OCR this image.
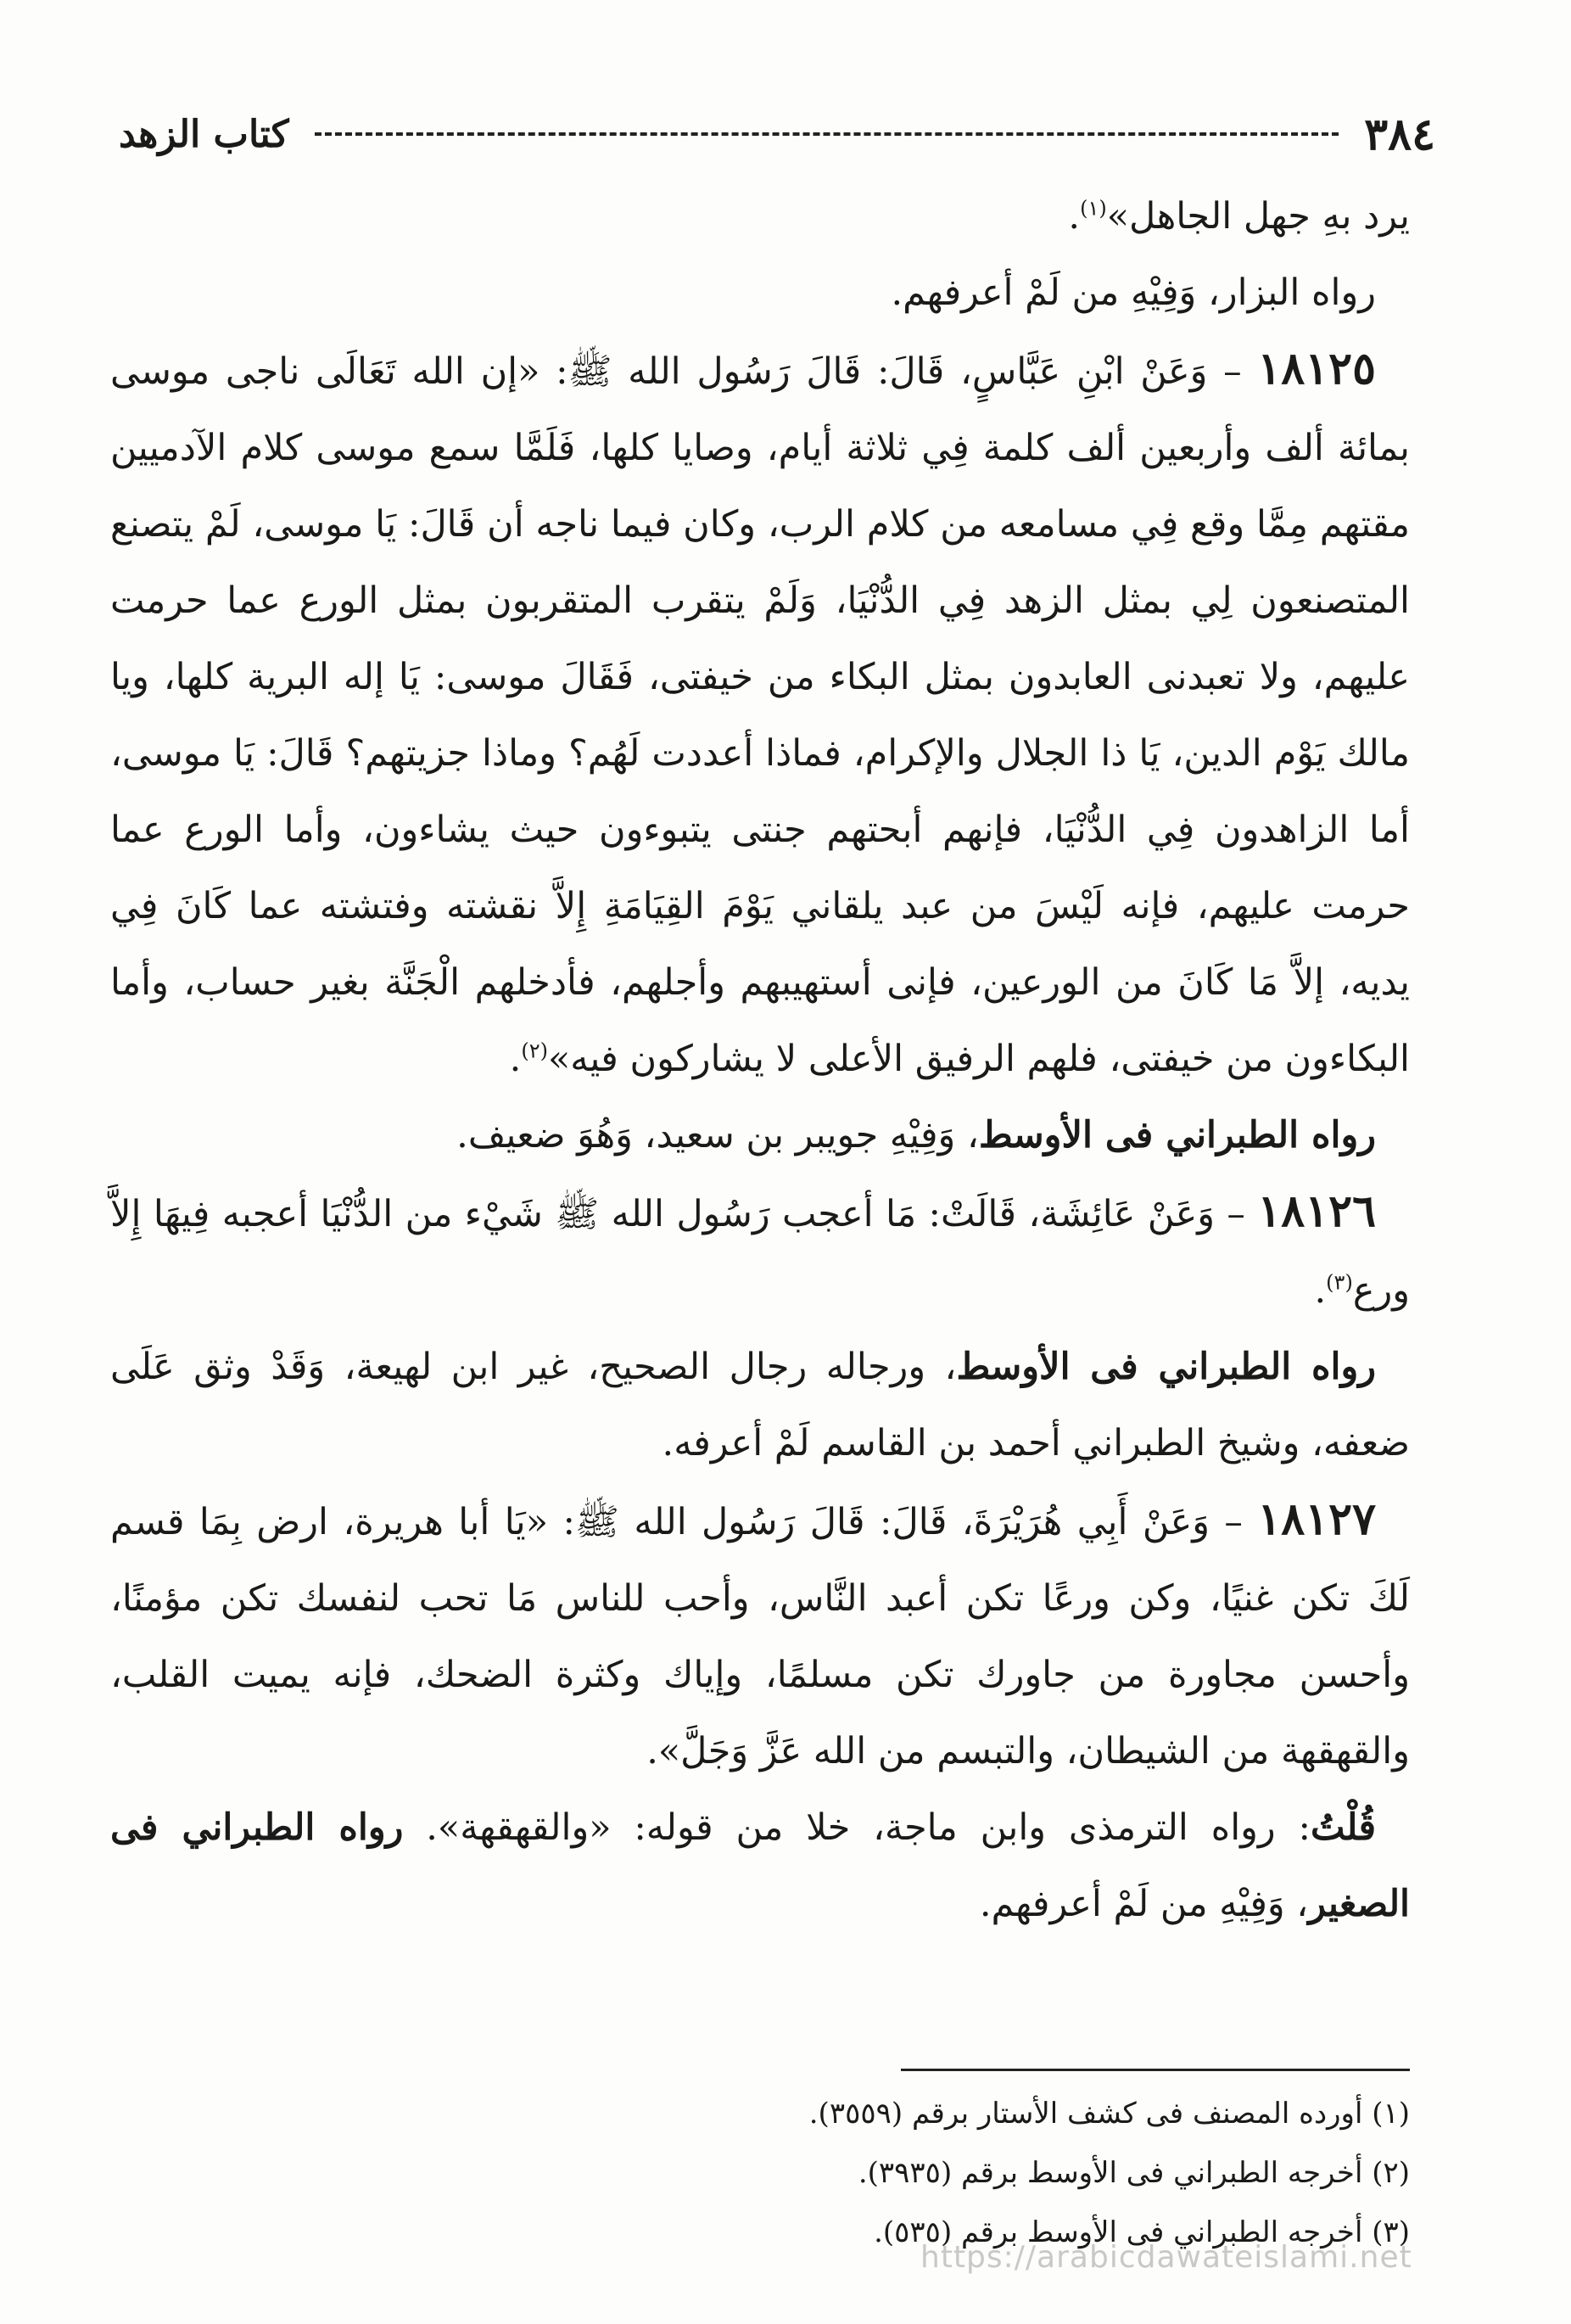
٣٨٤
كتاب الزهد

يرد بهِ جهل الجاهل»$^{(١)}$.

رواه البزار، وَفِيْهِ من لَمْ أعرفهم.

١٨١٢٥ – وَعَنْ ابْنِ عَبَّاسٍ، قَالَ: قَالَ رَسُول الله ﷺ: «إن الله تَعَالَى ناجى موسى بمائة ألف وأربعين ألف كلمة فِي ثلاثة أيام، وصايا كلها، فَلَمَّا سمع موسى كلام الآدميين مقتهم مِمَّا وقع فِي مسامعه من كلام الرب، وكان فيما ناجه أن قَالَ: يَا موسى، لَمْ يتصنع المتصنعون لِي بمثل الزهد فِي الدُّنْيَا، وَلَمْ يتقرب المتقربون بمثل الورع عما حرمت عليهم، ولا تعبدنى العابدون بمثل البكاء من خيفتى، فَقَالَ موسى: يَا إله البرية كلها، ويا مالك يَوْم الدين، يَا ذا الجلال والإكرام، فماذا أعددت لَهُم؟ وماذا جزيتهم؟ قَالَ: يَا موسى، أما الزاهدون فِي الدُّنْيَا، فإنهم أبحتهم جنتى يتبوءون حيث يشاءون، وأما الورع عما حرمت عليهم، فإنه لَيْسَ من عبد يلقاني يَوْمَ القِيَامَةِ إِلاَّ نقشته وفتشته عما كَانَ فِي يديه، إلاَّ مَا كَانَ من الورعين، فإنى أستهيبهم وأجلهم، فأدخلهم الْجَنَّة بغير حساب، وأما البكاءون من خيفتى، فلهم الرفيق الأعلى لا يشاركون فيه»$^{(٢)}$.

رواه الطبراني فى الأوسط، وَفِيْهِ جويبر بن سعيد، وَهُوَ ضعيف.

١٨١٢٦ – وَعَنْ عَائِشَة، قَالَتْ: مَا أعجب رَسُول الله ﷺ شَيْء من الدُّنْيَا أعجبه فِيهَا إِلاَّ ورع$^{(٣)}$.

رواه الطبراني فى الأوسط، ورجاله رجال الصحيح، غير ابن لهيعة، وَقَدْ وثق عَلَى ضعفه، وشيخ الطبراني أحمد بن القاسم لَمْ أعرفه.

١٨١٢٧ – وَعَنْ أَبِي هُرَيْرَةَ، قَالَ: قَالَ رَسُول الله ﷺ: «يَا أبا هريرة، ارض بِمَا قسم لَكَ تكن غنيًا، وكن ورعًا تكن أعبد النَّاس، وأحب للناس مَا تحب لنفسك تكن مؤمنًا، وأحسن مجاورة من جاورك تكن مسلمًا، وإياك وكثرة الضحك، فإنه يميت القلب، والقهقهة من الشيطان، والتبسم من الله عَزَّ وَجَلَّ».

قُلْتُ: رواه الترمذى وابن ماجة، خلا من قوله: «والقهقهة». رواه الطبراني فى الصغير، وَفِيْهِ من لَمْ أعرفهم.

(١) أورده المصنف فى كشف الأستار برقم (٣٥٥٩).
(٢) أخرجه الطبراني فى الأوسط برقم (٣٩٣٥).
(٣) أخرجه الطبراني فى الأوسط برقم (٥٣٥).
https://arabicdawateislami.net
